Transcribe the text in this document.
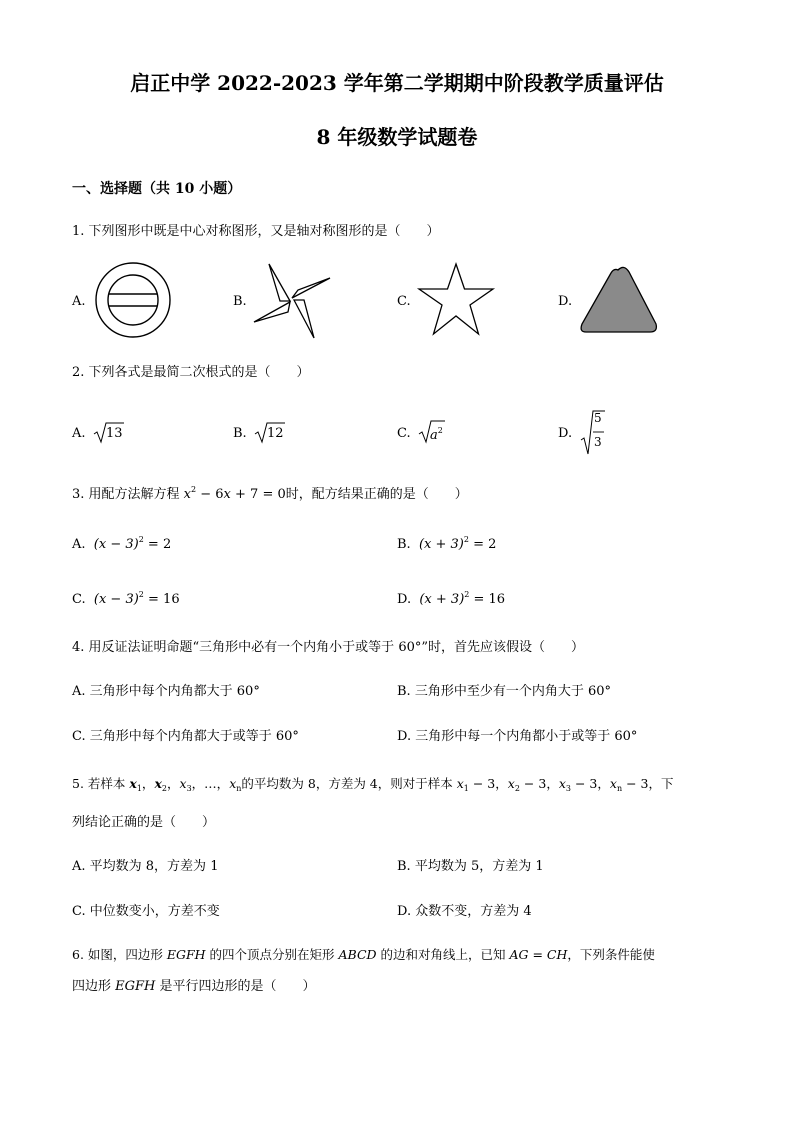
启正中学 2022-2023 学年第二学期期中阶段教学质量评估
8 年级数学试题卷
一、选择题（共 10 小题）
1. 下列图形中既是中心对称图形，又是轴对称图形的是（　　）
A.	B.	C.	D.
2. 下列各式是最简二次根式的是（　　）
A. 13	B. 12	C. $a^2$	D.
5
3
3. 用配方法解方程 $x^2 - 6x + 7 = 0$时，配方结果正确的是（　　）
A. $(x - 3)^2 = 2$	B. $(x + 3)^2 = 2$
C. $(x - 3)^2 = 16$	D. $(x + 3)^2 = 16$
4. 用反证法证明命题“三角形中必有一个内角小于或等于 60°”时，首先应该假设（　　）
A. 三角形中每个内角都大于 60°	B. 三角形中至少有一个内角大于 60°
C. 三角形中每个内角都大于或等于 60°	D. 三角形中每一个内角都小于或等于 60°
5. 若样本 $x_1$，$x_2$，$x_3$，…，$x_n$的平均数为 8，方差为 4，则对于样本 $x_1 - 3$，$x_2 - 3$，$x_3 - 3$，$x_n - 3$，下
列结论正确的是（　　）
A. 平均数为 8，方差为 1	B. 平均数为 5，方差为 1
C. 中位数变小，方差不变	D. 众数不变，方差为 4
6. 如图，四边形 EGFH 的四个顶点分别在矩形 ABCD 的边和对角线上，已知 AG = CH，下列条件能使
四边形 EGFH 是平行四边形的是（　　）
